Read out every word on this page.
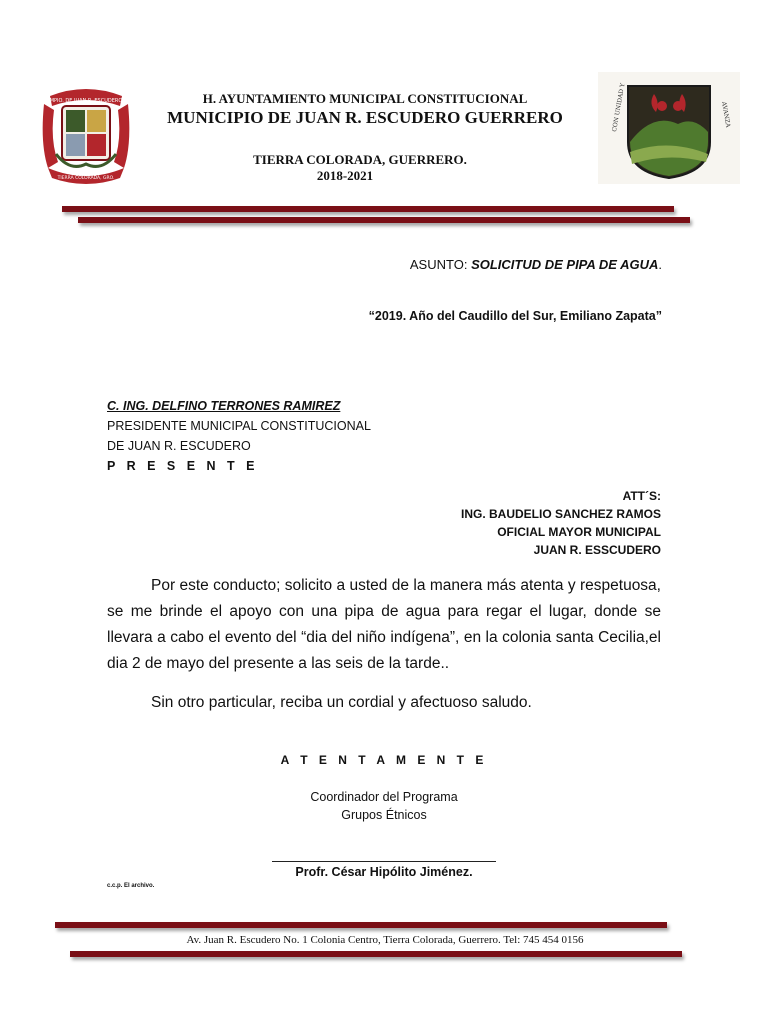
MPIO. DE JUAN R. ESCUDERO
TIERRA COLORADA, GRO.
H. AYUNTAMIENTO MUNICIPAL CONSTITUCIONAL
MUNICIPIO DE JUAN R. ESCUDERO GUERRERO
TIERRA COLORADA, GUERRERO.
2018-2021
CON UNIDAD Y	AVANZA
ASUNTO: SOLICITUD DE PIPA DE AGUA.
“2019. Año del Caudillo del Sur, Emiliano Zapata”
C. ING. DELFINO TERRONES RAMIREZ
PRESIDENTE MUNICIPAL CONSTITUCIONAL
DE JUAN R. ESCUDERO
P R E S E N T E
ATT´S:
ING. BAUDELIO SANCHEZ RAMOS
OFICIAL MAYOR MUNICIPAL
JUAN R. ESSCUDERO
Por este conducto; solicito a usted de la manera más atenta y respetuosa, se me brinde el apoyo con una pipa de agua para regar el lugar, donde se llevara a cabo el evento del “dia del niño indígena”, en la colonia santa Cecilia,el dia 2 de mayo del presente a las seis de la tarde..
Sin otro particular, reciba un cordial y afectuoso saludo.
A T E N T A M E N T E
Coordinador del Programa
Grupos Étnicos
Profr. César Hipólito Jiménez.
c.c.p. El archivo.
Av. Juan R. Escudero No. 1 Colonia Centro, Tierra Colorada, Guerrero. Tel: 745 454 0156
